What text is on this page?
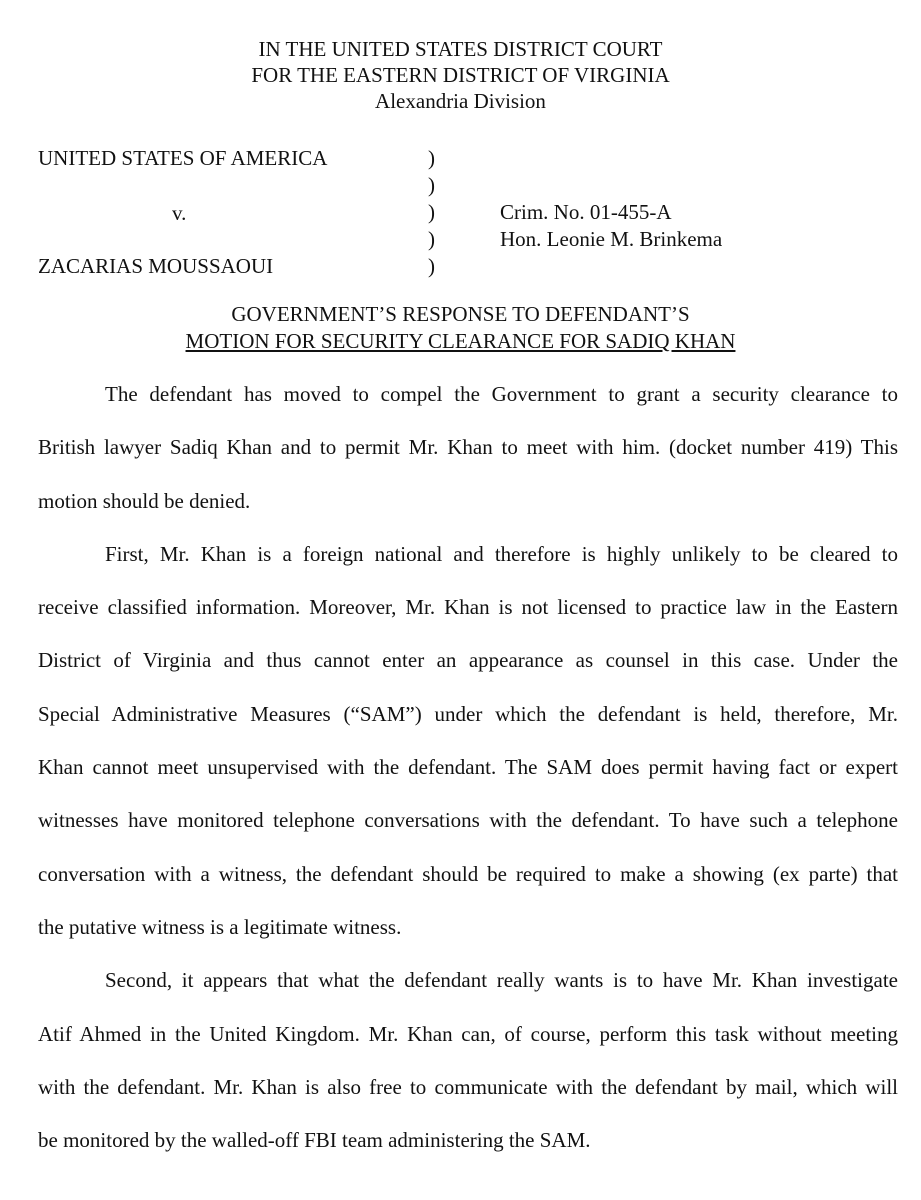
IN THE UNITED STATES DISTRICT COURT
FOR THE EASTERN DISTRICT OF VIRGINIA
Alexandria Division
UNITED STATES OF AMERICA
v.
ZACARIAS MOUSSAOUI
)
)
)
)
)
Crim. No. 01-455-A
Hon. Leonie M. Brinkema
GOVERNMENT’S RESPONSE TO DEFENDANT’S
MOTION FOR SECURITY CLEARANCE FOR SADIQ KHAN
The defendant has moved to compel the Government to grant a security clearance to
British lawyer Sadiq Khan and to permit Mr. Khan to meet with him. (docket number 419) This
motion should be denied.
First, Mr. Khan is a foreign national and therefore is highly unlikely to be cleared to
receive classified information. Moreover, Mr. Khan is not licensed to practice law in the Eastern
District of Virginia and thus cannot enter an appearance as counsel in this case. Under the
Special Administrative Measures (“SAM”) under which the defendant is held, therefore, Mr.
Khan cannot meet unsupervised with the defendant. The SAM does permit having fact or expert
witnesses have monitored telephone conversations with the defendant. To have such a telephone
conversation with a witness, the defendant should be required to make a showing (ex parte) that
the putative witness is a legitimate witness.
Second, it appears that what the defendant really wants is to have Mr. Khan investigate
Atif Ahmed in the United Kingdom. Mr. Khan can, of course, perform this task without meeting
with the defendant. Mr. Khan is also free to communicate with the defendant by mail, which will
be monitored by the walled-off FBI team administering the SAM.
